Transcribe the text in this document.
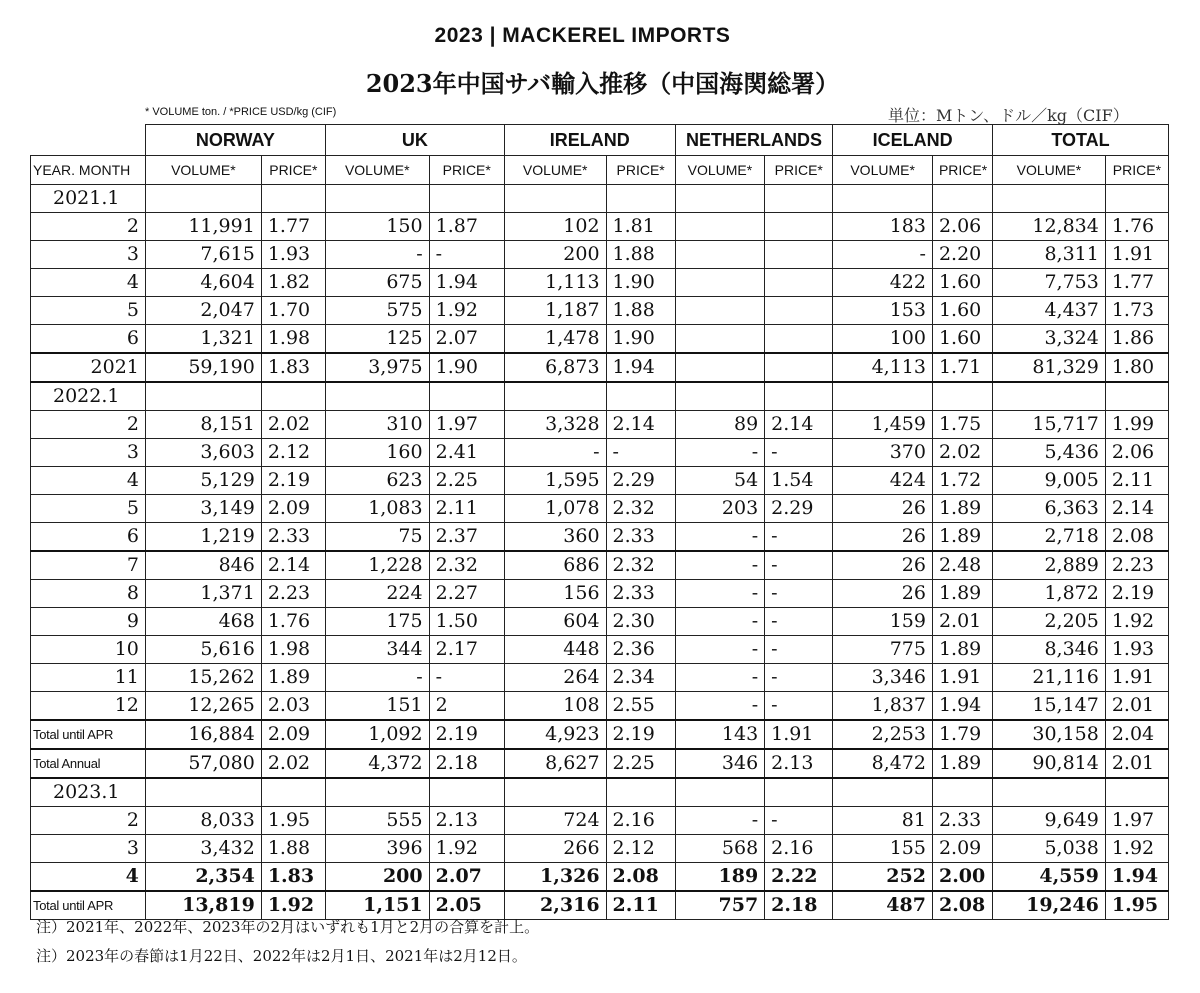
2023 | MACKEREL IMPORTS
2023年中国サバ輸入推移（中国海関総署）
* VOLUME ton. / *PRICE USD/kg (CIF)	単位：Mトン、ドル／kg（CIF）
	NORWAY		UK		IRELAND		NETHERLANDS		ICELAND		TOTAL	
YEAR. MONTH	VOLUME*	PRICE*	VOLUME*	PRICE*	VOLUME*	PRICE*	VOLUME*	PRICE*	VOLUME*	PRICE*	VOLUME*	PRICE*
2021.1												
2	11,991	1.77	150	1.87	102	1.81			183	2.06	12,834	1.76
3	7,615	1.93	-	-	200	1.88			-	2.20	8,311	1.91
4	4,604	1.82	675	1.94	1,113	1.90			422	1.60	7,753	1.77
5	2,047	1.70	575	1.92	1,187	1.88			153	1.60	4,437	1.73
6	1,321	1.98	125	2.07	1,478	1.90			100	1.60	3,324	1.86
2021	59,190	1.83	3,975	1.90	6,873	1.94			4,113	1.71	81,329	1.80
2022.1												
2	8,151	2.02	310	1.97	3,328	2.14	89	2.14	1,459	1.75	15,717	1.99
3	3,603	2.12	160	2.41	-	-	-	-	370	2.02	5,436	2.06
4	5,129	2.19	623	2.25	1,595	2.29	54	1.54	424	1.72	9,005	2.11
5	3,149	2.09	1,083	2.11	1,078	2.32	203	2.29	26	1.89	6,363	2.14
6	1,219	2.33	75	2.37	360	2.33	-	-	26	1.89	2,718	2.08
7	846	2.14	1,228	2.32	686	2.32	-	-	26	2.48	2,889	2.23
8	1,371	2.23	224	2.27	156	2.33	-	-	26	1.89	1,872	2.19
9	468	1.76	175	1.50	604	2.30	-	-	159	2.01	2,205	1.92
10	5,616	1.98	344	2.17	448	2.36	-	-	775	1.89	8,346	1.93
11	15,262	1.89	-	-	264	2.34	-	-	3,346	1.91	21,116	1.91
12	12,265	2.03	151	2	108	2.55	-	-	1,837	1.94	15,147	2.01
Total until APR	16,884	2.09	1,092	2.19	4,923	2.19	143	1.91	2,253	1.79	30,158	2.04
Total Annual	57,080	2.02	4,372	2.18	8,627	2.25	346	2.13	8,472	1.89	90,814	2.01
2023.1												
2	8,033	1.95	555	2.13	724	2.16	-	-	81	2.33	9,649	1.97
3	3,432	1.88	396	1.92	266	2.12	568	2.16	155	2.09	5,038	1.92
4	2,354	1.83	200	2.07	1,326	2.08	189	2.22	252	2.00	4,559	1.94
Total until APR	13,819	1.92	1,151	2.05	2,316	2.11	757	2.18	487	2.08	19,246	1.95
注）2021年、2022年、2023年の2月はいずれも1月と2月の合算を計上。
注）2023年の春節は1月22日、2022年は2月1日、2021年は2月12日。
